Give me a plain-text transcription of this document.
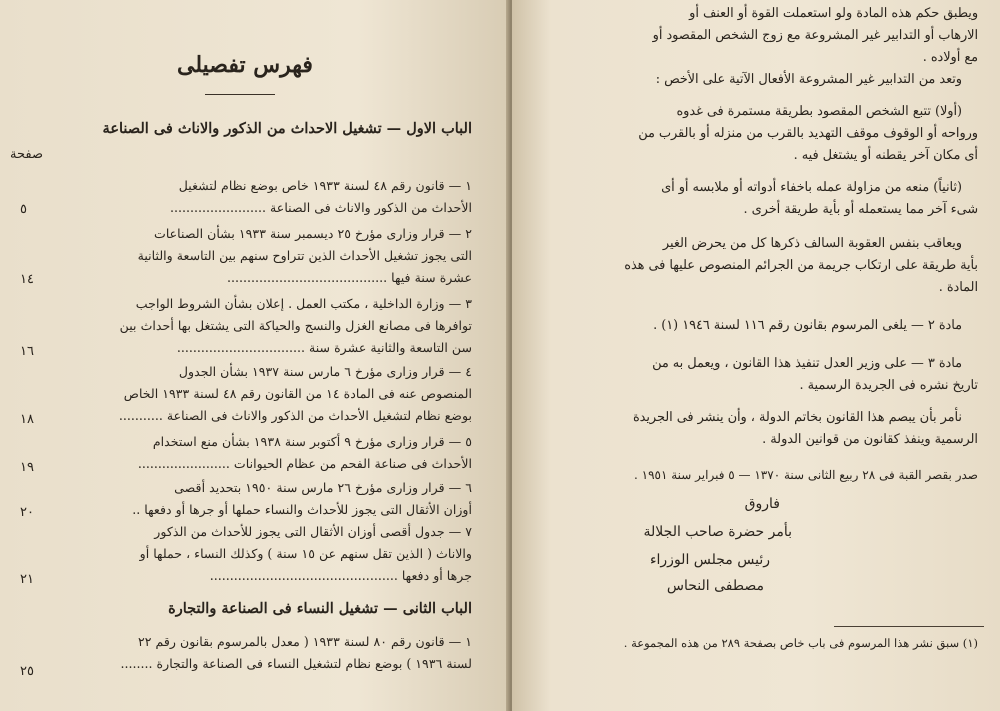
فهرس تفصيلى
الباب الاول — تشغيل الاحداث من الذكور والاناث فى الصناعة
صفحة
١ — قانون رقم ٤٨ لسنة ١٩٣٣ خاص بوضع نظام لتشغيل
الأحداث من الذكور والاناث فى الصناعة ........................
٥
٢ — قرار وزارى مؤرخ ٢٥ ديسمبر سنة ١٩٣٣ بشأن الصناعات
التى يجوز تشغيل الأحداث الذين تتراوح سنهم بين التاسعة والثانية
عشرة سنة فيها ........................................
١٤
٣ — وزارة الداخلية ، مكتب العمل . إعلان بشأن الشروط الواجب
توافرها فى مصانع الغزل والنسج والحياكة التى يشتغل بها أحداث بين
سن التاسعة والثانية عشرة سنة ................................
١٦
٤ — قرار وزارى مؤرخ ٦ مارس سنة ١٩٣٧ بشأن الجدول
المنصوص عنه فى المادة ١٤ من القانون رقم ٤٨ لسنة ١٩٣٣ الخاص
بوضع نظام لتشغيل الأحداث من الذكور والاناث فى الصناعة ...........
١٨
٥ — قرار وزارى مؤرخ ٩ أكتوبر سنة ١٩٣٨ بشأن منع استخدام
الأحداث فى صناعة الفحم من عظام الحيوانات .......................
١٩
٦ — قرار وزارى مؤرخ ٢٦ مارس سنة ١٩٥٠ بتحديد أقصى
أوزان الأثقال التى يجوز للأحداث والنساء حملها أو جرها أو دفعها ..
٢٠
٧ — جدول أقصى أوزان الأثقال التى يجوز للأحداث من الذكور
والاناث ( الذين تقل سنهم عن ١٥ سنة ) وكذلك النساء ، حملها أو
جرها أو دفعها ...............................................
٢١
الباب الثانى — تشغيل النساء فى الصناعة والتجارة
١ — قانون رقم ٨٠ لسنة ١٩٣٣ ( معدل بالمرسوم بقانون رقم ٢٢
لسنة ١٩٣٦ ) بوضع نظام لتشغيل النساء فى الصناعة والتجارة ........
٢٥
ويطبق حكم هذه المادة ولو استعملت القوة أو العنف أو
الارهاب أو التدابير غير المشروعة مع زوج الشخص المقصود أو
مع أولاده .
وتعد من التدابير غير المشروعة الأفعال الآتية على الأخص :
(أولا) تتبع الشخص المقصود بطريقة مستمرة فى غدوه
ورواحه أو الوقوف موقف التهديد بالقرب من منزله أو بالقرب من
أى مكان آخر يقطنه أو يشتغل فيه .
(ثانياً) منعه من مزاولة عمله باخفاء أدواته أو ملابسه أو أى
شىء آخر مما يستعمله أو بأية طريقة أخرى .
ويعاقب بنفس العقوبة السالف ذكرها كل من يحرض الغير
بأية طريقة على ارتكاب جريمة من الجرائم المنصوص عليها فى هذه
المادة .
مادة ٢ — يلغى المرسوم بقانون رقم ١١٦ لسنة ١٩٤٦ (١) .
مادة ٣ — على وزير العدل تنفيذ هذا القانون ، ويعمل به من
تاريخ نشره فى الجريدة الرسمية .
نأمر بأن يبصم هذا القانون بخاتم الدولة ، وأن ينشر فى الجريدة
الرسمية وينفذ كقانون من قوانين الدولة .
صدر بقصر القبة فى ٢٨ ربيع الثانى سنة ١٣٧٠ — ٥ فبراير سنة ١٩٥١ .
فاروق
بأمر حضرة صاحب الجلالة
رئيس مجلس الوزراء
مصطفى النحاس
(١) سبق نشر هذا المرسوم فى باب خاص بصفحة ٢٨٩ من هذه المجموعة .
